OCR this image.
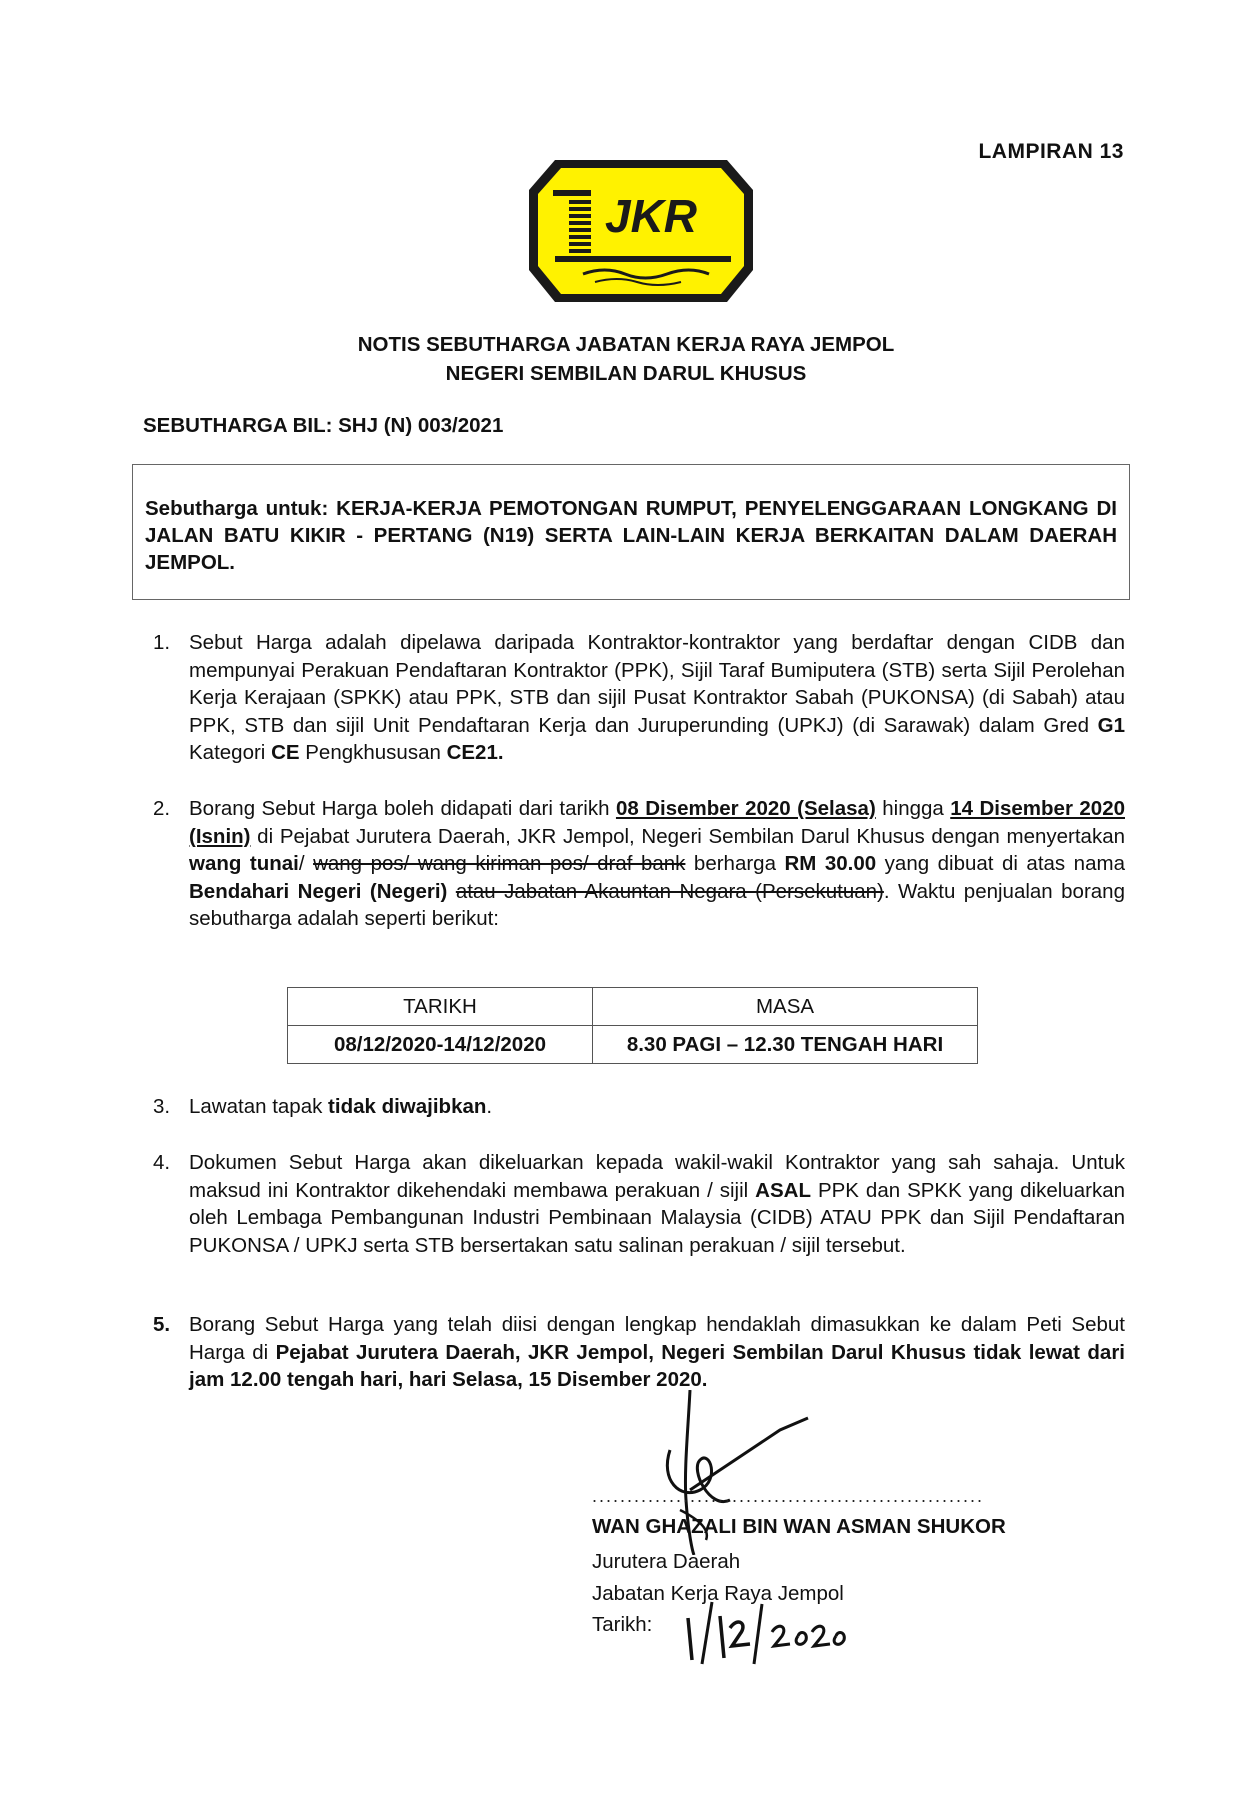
LAMPIRAN 13
JKR
NOTIS SEBUTHARGA JABATAN KERJA RAYA JEMPOL
NEGERI SEMBILAN DARUL KHUSUS
SEBUTHARGA BIL: SHJ (N) 003/2021
Sebutharga untuk: KERJA-KERJA PEMOTONGAN RUMPUT, PENYELENGGARAAN LONGKANG DI JALAN BATU KIKIR - PERTANG (N19) SERTA LAIN-LAIN KERJA BERKAITAN DALAM DAERAH JEMPOL.
1. Sebut Harga adalah dipelawa daripada Kontraktor-kontraktor yang berdaftar dengan CIDB dan mempunyai Perakuan Pendaftaran Kontraktor (PPK), Sijil Taraf Bumiputera (STB) serta Sijil Perolehan Kerja Kerajaan (SPKK) atau PPK, STB dan sijil Pusat Kontraktor Sabah (PUKONSA) (di Sabah) atau PPK, STB dan sijil Unit Pendaftaran Kerja dan Juruperunding (UPKJ) (di Sarawak) dalam Gred G1 Kategori CE Pengkhususan CE21.
2. Borang Sebut Harga boleh didapati dari tarikh 08 Disember 2020 (Selasa) hingga 14 Disember 2020 (Isnin) di Pejabat Jurutera Daerah, JKR Jempol, Negeri Sembilan Darul Khusus dengan menyertakan wang tunai/ wang pos/ wang kiriman pos/ draf bank berharga RM 30.00 yang dibuat di atas nama Bendahari Negeri (Negeri) atau Jabatan Akauntan Negara (Persekutuan). Waktu penjualan borang sebutharga adalah seperti berikut:
TARIKH	MASA
08/12/2020-14/12/2020	8.30 PAGI – 12.30 TENGAH HARI
3. Lawatan tapak tidak diwajibkan.
4. Dokumen Sebut Harga akan dikeluarkan kepada wakil-wakil Kontraktor yang sah sahaja. Untuk maksud ini Kontraktor dikehendaki membawa perakuan / sijil ASAL PPK dan SPKK yang dikeluarkan oleh Lembaga Pembangunan Industri Pembinaan Malaysia (CIDB) ATAU PPK dan Sijil Pendaftaran PUKONSA / UPKJ serta STB bersertakan satu salinan perakuan / sijil tersebut.
5. Borang Sebut Harga yang telah diisi dengan lengkap hendaklah dimasukkan ke dalam Peti Sebut Harga di Pejabat Jurutera Daerah, JKR Jempol, Negeri Sembilan Darul Khusus tidak lewat dari jam 12.00 tengah hari, hari Selasa, 15 Disember 2020.
........................................................
WAN GHAZALI BIN WAN ASMAN SHUKOR
Jurutera Daerah
Jabatan Kerja Raya Jempol
Tarikh:
